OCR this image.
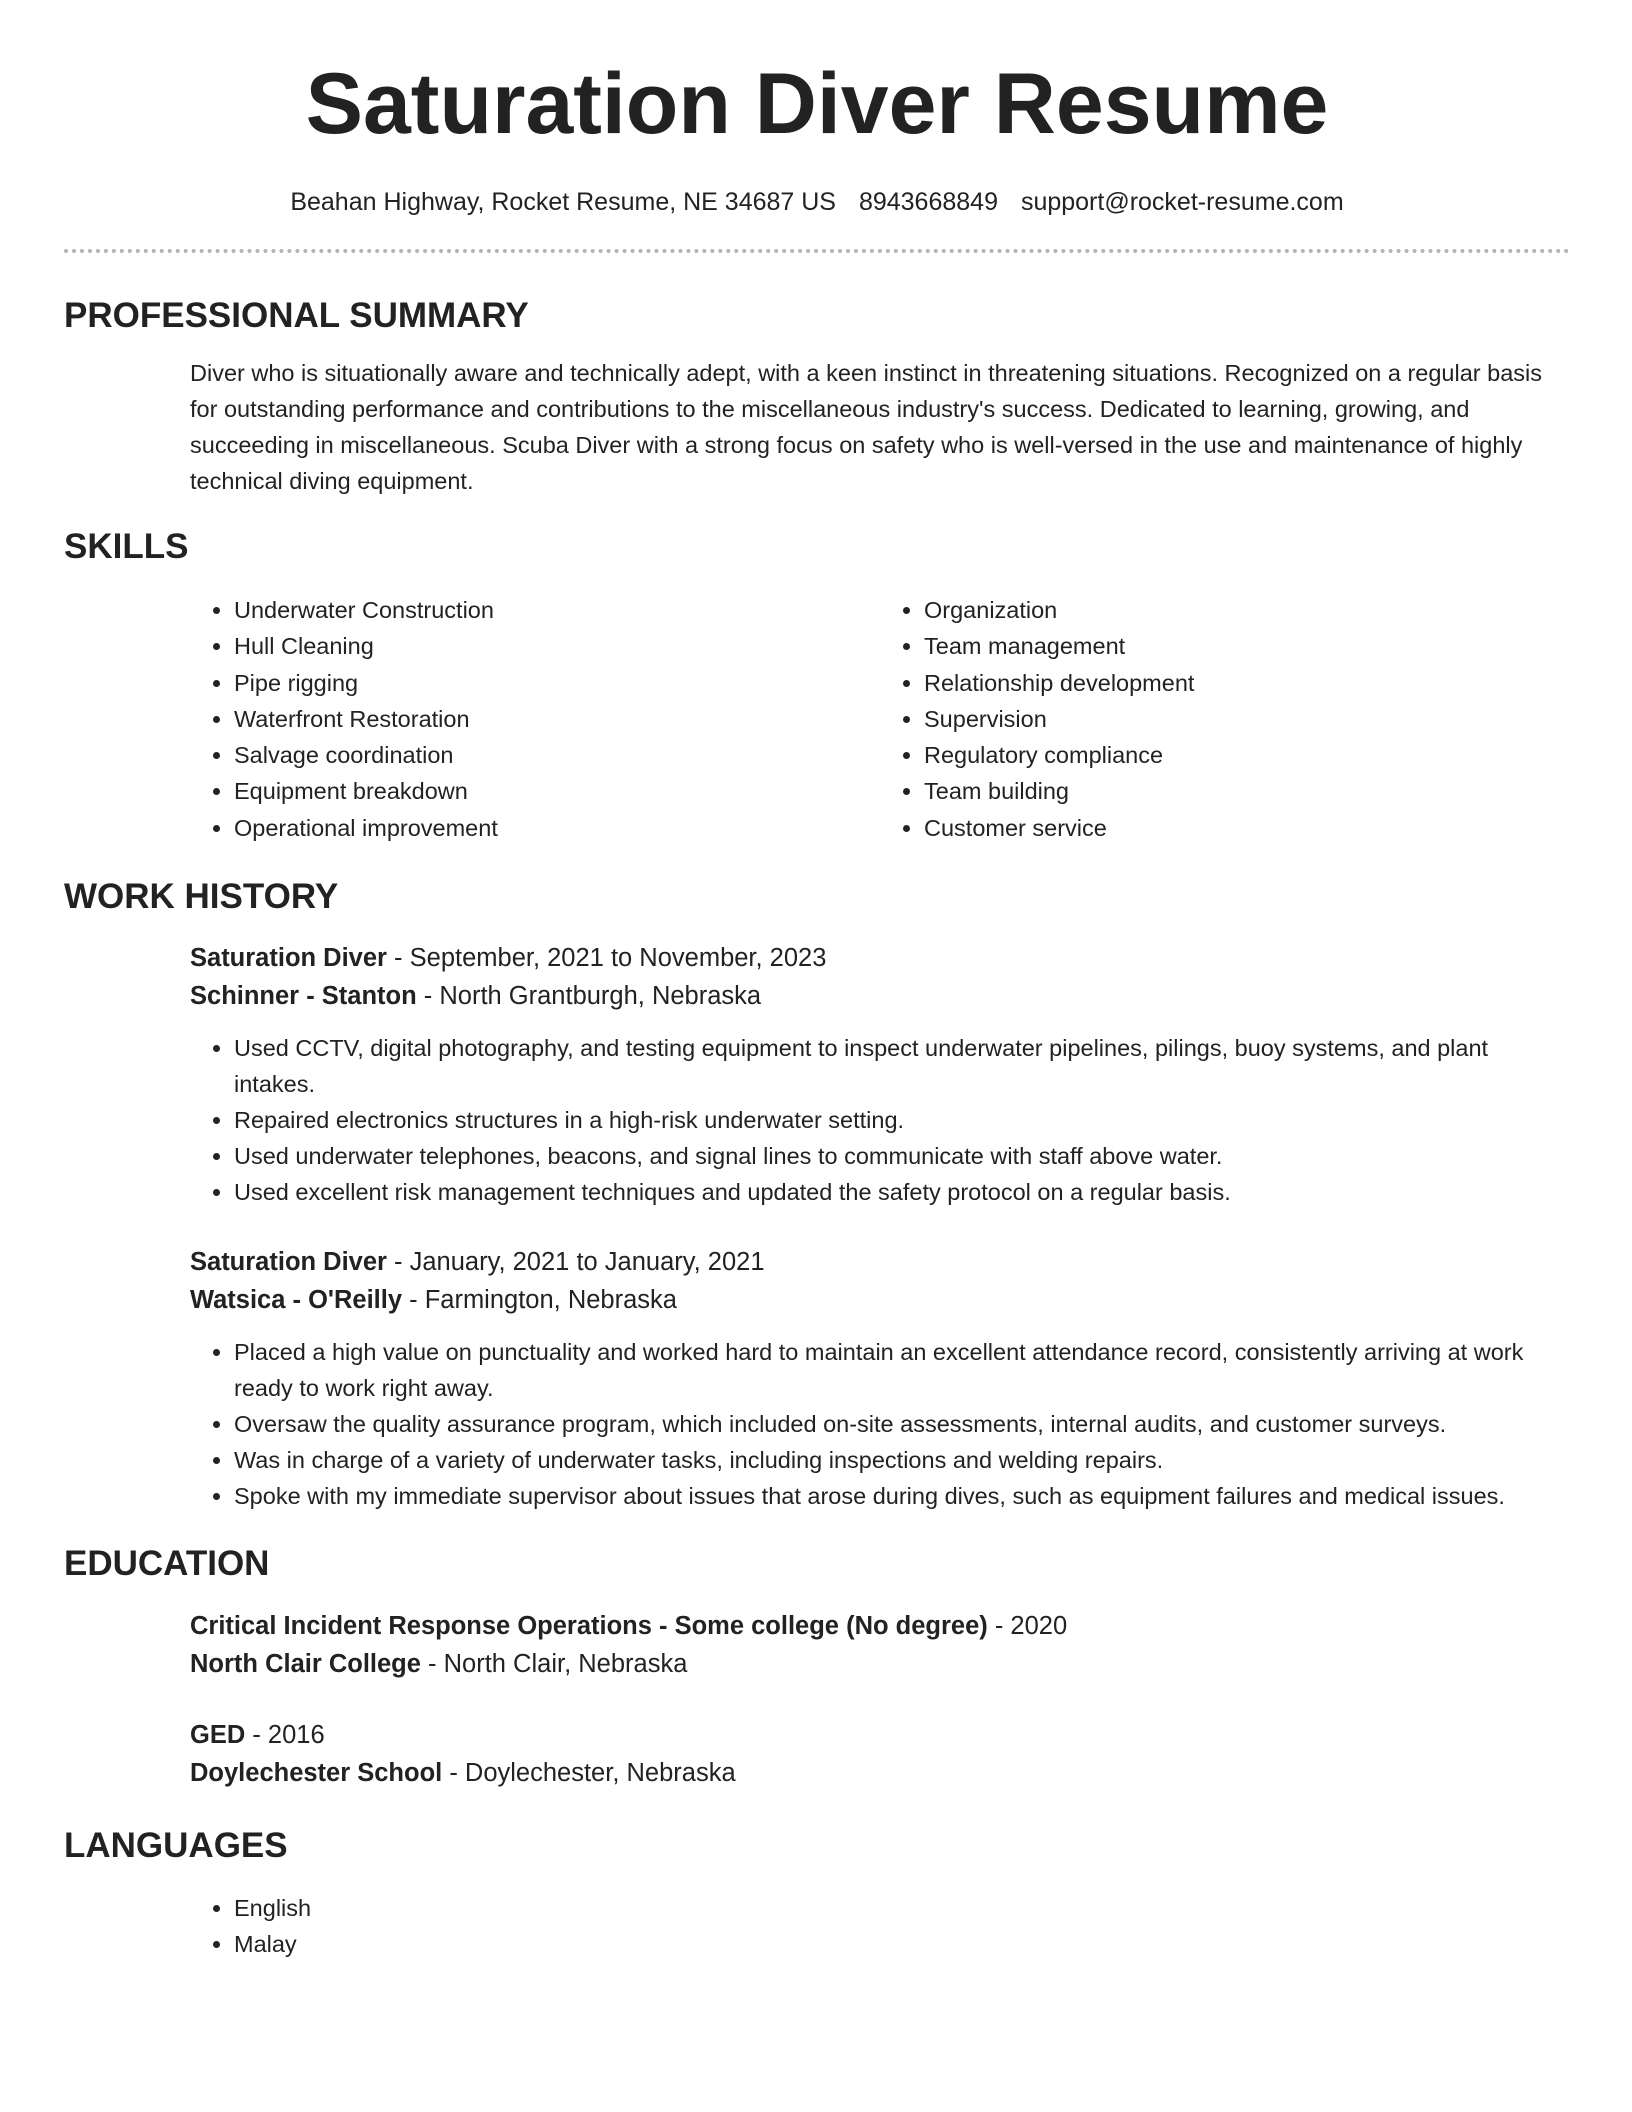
Saturation Diver Resume
Beahan Highway, Rocket Resume, NE 34687 US 8943668849 support@rocket-resume.com
PROFESSIONAL SUMMARY
Diver who is situationally aware and technically adept, with a keen instinct in threatening situations. Recognized on a regular basis for outstanding performance and contributions to the miscellaneous industry's success. Dedicated to learning, growing, and succeeding in miscellaneous. Scuba Diver with a strong focus on safety who is well-versed in the use and maintenance of highly technical diving equipment.
SKILLS
• Underwater Construction
• Hull Cleaning
• Pipe rigging
• Waterfront Restoration
• Salvage coordination
• Equipment breakdown
• Operational improvement
• Organization
• Team management
• Relationship development
• Supervision
• Regulatory compliance
• Team building
• Customer service
WORK HISTORY
Saturation Diver - September, 2021 to November, 2023
Schinner - Stanton - North Grantburgh, Nebraska
• Used CCTV, digital photography, and testing equipment to inspect underwater pipelines, pilings, buoy systems, and plant intakes.
• Repaired electronics structures in a high-risk underwater setting.
• Used underwater telephones, beacons, and signal lines to communicate with staff above water.
• Used excellent risk management techniques and updated the safety protocol on a regular basis.
Saturation Diver - January, 2021 to January, 2021
Watsica - O'Reilly - Farmington, Nebraska
• Placed a high value on punctuality and worked hard to maintain an excellent attendance record, consistently arriving at work ready to work right away.
• Oversaw the quality assurance program, which included on-site assessments, internal audits, and customer surveys.
• Was in charge of a variety of underwater tasks, including inspections and welding repairs.
• Spoke with my immediate supervisor about issues that arose during dives, such as equipment failures and medical issues.
EDUCATION
Critical Incident Response Operations - Some college (No degree) - 2020
North Clair College - North Clair, Nebraska
GED - 2016
Doylechester School - Doylechester, Nebraska
LANGUAGES
• English
• Malay
